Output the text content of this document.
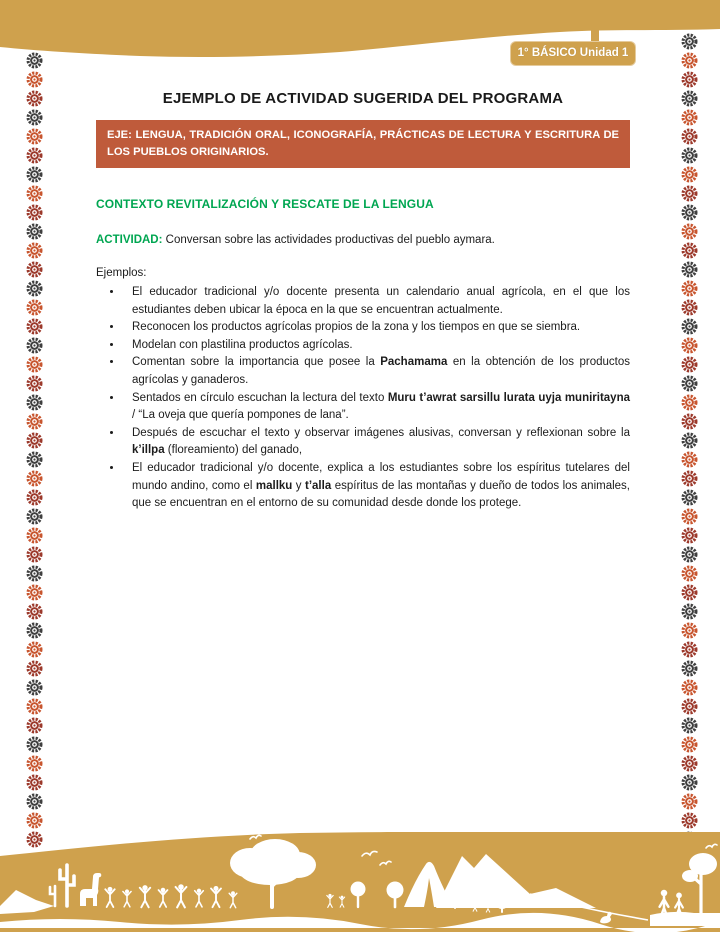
1° BÁSICO Unidad 1
EJEMPLO DE ACTIVIDAD SUGERIDA DEL PROGRAMA
EJE: LENGUA, TRADICIÓN ORAL, ICONOGRAFÍA, PRÁCTICAS DE LECTURA Y ESCRITURA DE LOS PUEBLOS ORIGINARIOS.
CONTEXTO REVITALIZACIÓN Y RESCATE DE LA LENGUA

ACTIVIDAD: Conversan sobre las actividades productivas del pueblo aymara.

Ejemplos:

• El educador tradicional y/o docente presenta un calendario anual agrícola, en el que los estudiantes deben ubicar la época en la que se encuentran actualmente.
• Reconocen los productos agrícolas propios de la zona y los tiempos en que se siembra.
• Modelan con plastilina productos agrícolas.
• Comentan sobre la importancia que posee la Pachamama en la obtención de los productos agrícolas y ganaderos.
• Sentados en círculo escuchan la lectura del texto Muru t’awrat sarsillu lurata uyja muniritayna / “La oveja que quería pompones de lana”.
• Después de escuchar el texto y observar imágenes alusivas, conversan y reflexionan sobre la k’illpa (floreamiento) del ganado,
• El educador tradicional y/o docente, explica a los estudiantes sobre los espíritus tutelares del mundo andino, como el mallku y t’alla espíritus de las montañas y dueño de todos los animales, que se encuentran en el entorno de su comunidad desde donde los protege.
